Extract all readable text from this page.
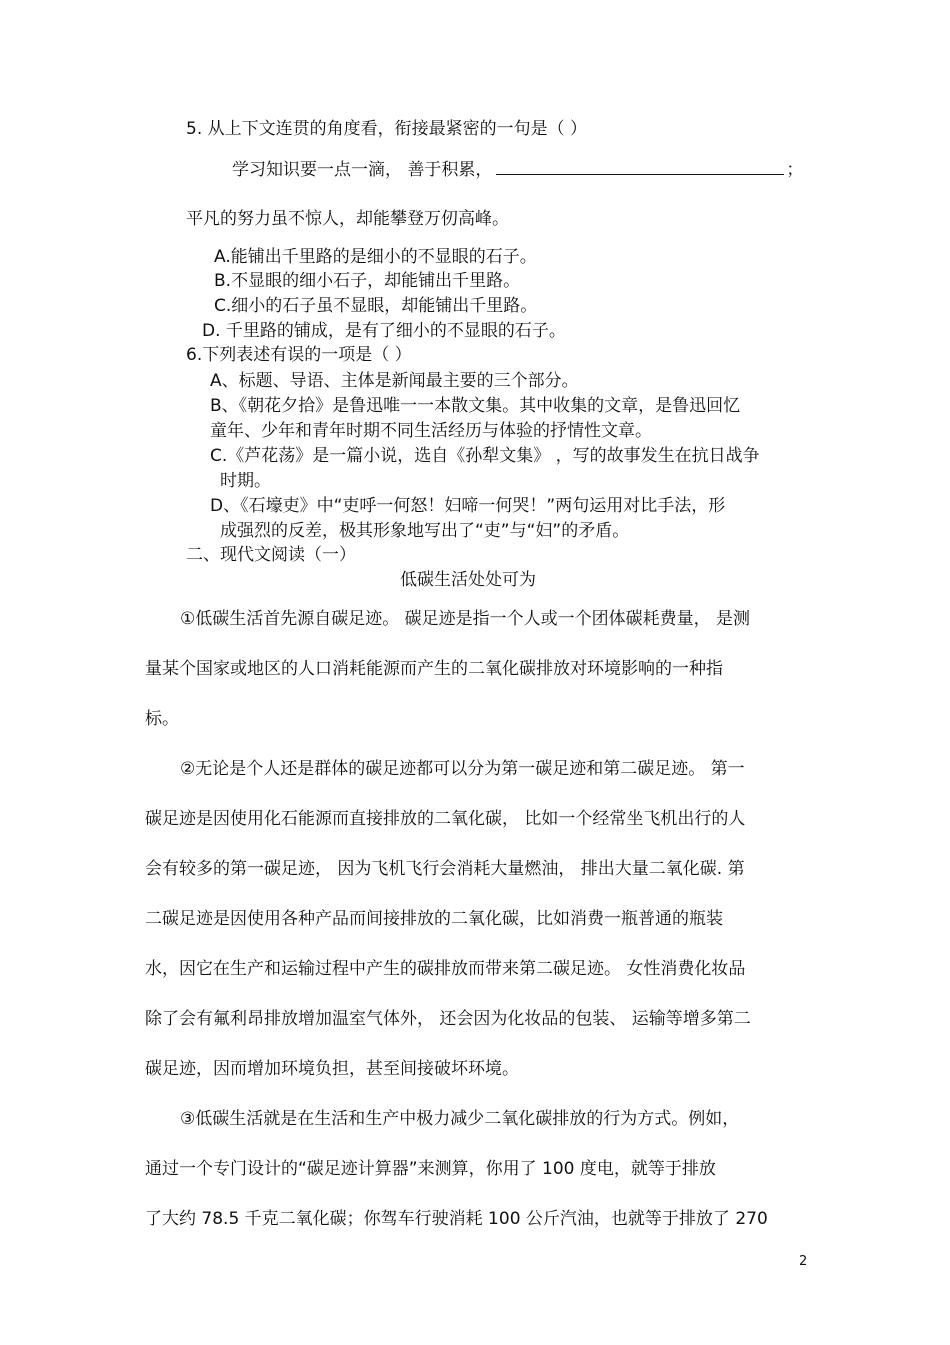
5. 从上下文连贯的角度看，衔接最紧密的一句是（ ）
学习知识要一点一滴， 善于积累，	；
平凡的努力虽不惊人，却能攀登万仞高峰。
A.能铺出千里路的是细小的不显眼的石子。
B.不显眼的细小石子，却能铺出千里路。
C.细小的石子虽不显眼，却能铺出千里路。
D. 千里路的铺成，是有了细小的不显眼的石子。
6.下列表述有误的一项是（ ）
A、标题、导语、主体是新闻最主要的三个部分。
B、《朝花夕拾》是鲁迅唯一一本散文集。其中收集的文章，是鲁迅回忆
童年、少年和青年时期不同生活经历与体验的抒情性文章。
C.《芦花荡》是一篇小说，选自《孙犁文集》 ，写的故事发生在抗日战争
时期。
D、《石壕吏》中“吏呼一何怒！妇啼一何哭！”两句运用对比手法，形
成强烈的反差，极其形象地写出了“吏”与“妇”的矛盾。
二、现代文阅读（一）
低碳生活处处可为
①低碳生活首先源自碳足迹。 碳足迹是指一个人或一个团体碳耗费量， 是测
量某个国家或地区的人口消耗能源而产生的二氧化碳排放对环境影响的一种指
标。
②无论是个人还是群体的碳足迹都可以分为第一碳足迹和第二碳足迹。 第一
碳足迹是因使用化石能源而直接排放的二氧化碳， 比如一个经常坐飞机出行的人
会有较多的第一碳足迹， 因为飞机飞行会消耗大量燃油， 排出大量二氧化碳. 第
二碳足迹是因使用各种产品而间接排放的二氧化碳，比如消费一瓶普通的瓶装
水，因它在生产和运输过程中产生的碳排放而带来第二碳足迹。 女性消费化妆品
除了会有氟利昂排放增加温室气体外， 还会因为化妆品的包装、 运输等增多第二
碳足迹，因而增加环境负担，甚至间接破坏环境。
③低碳生活就是在生活和生产中极力减少二氧化碳排放的行为方式。例如，
通过一个专门设计的“碳足迹计算器”来测算，你用了 100 度电，就等于排放
了大约 78.5 千克二氧化碳；你驾车行驶消耗 100 公斤汽油，也就等于排放了 270
2
